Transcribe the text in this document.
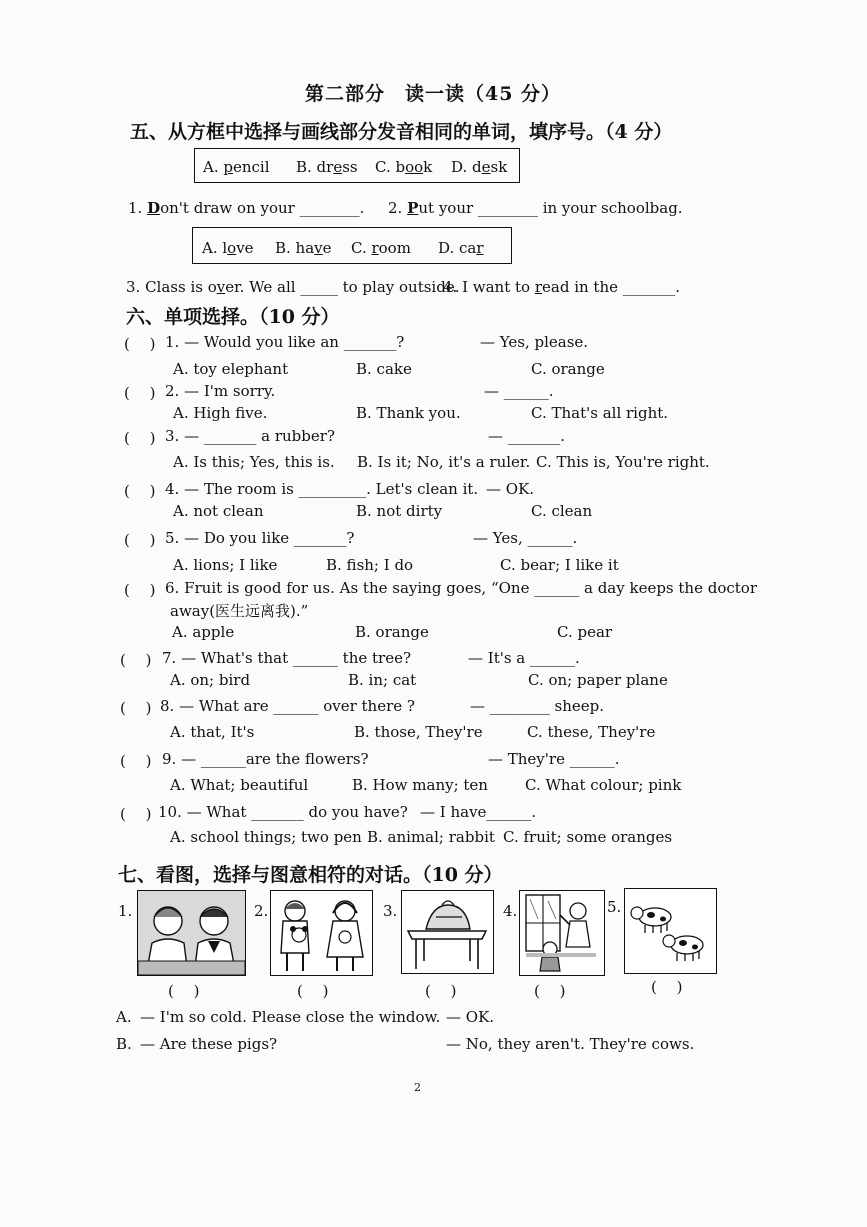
第二部分　读一读（45 分）
五、从方框中选择与画线部分发音相同的单词，填序号。（4 分）
A. pencil B. dress C. book D. desk
1. Don't draw on your ________. 2. Put your ________ in your schoolbag.
A. love B. have C. room D. car
3. Class is over. We all _____ to play outside.
4. I want to read in the _______.
六、单项选择。（10 分）
(　 ) 1. — Would you like an _______?	— Yes, please.
A. toy elephant	B. cake	C. orange
(　 ) 2. — I'm sorry.	— ______.
A. High five.	B. Thank you.	C. That's all right.
(　 ) 3. — _______ a rubber?	— _______.
A. Is this; Yes, this is. B. Is it; No, it's a ruler. C. This is, You're right.
(　 ) 4. — The room is _________. Let's clean it. — OK.
A. not clean	B. not dirty	C. clean
(　 ) 5. — Do you like _______?	— Yes, ______.
A. lions; I like	B. fish; I do	C. bear; I like it
(　 ) 6. Fruit is good for us. As the saying goes, “One ______ a day keeps the doctor
away(医生远离我).”
A. apple	B. orange	C. pear
(　 ) 7. — What's that ______ the tree?	— It's a ______.
A. on; bird	B. in; cat	C. on; paper plane
(　 ) 8. — What are ______ over there ?	— ________ sheep.
A. that, It's	B. those, They're	C. these, They're
(　 ) 9. — ______are the flowers?	— They're ______.
A. What; beautiful	B. How many; ten C. What colour; pink
(　 ) 10. — What _______ do you have? — I have______.
A. school things; two pen B. animal; rabbit C. fruit; some oranges
七、看图，选择与图意相符的对话。（10 分）
1.	2.	3.	4.	5.
(　 )	(　 )	(　 )	(　 )	(　 )
A. — I'm so cold. Please close the window. — OK.
B. — Are these pigs?	— No, they aren't. They're cows.
2
